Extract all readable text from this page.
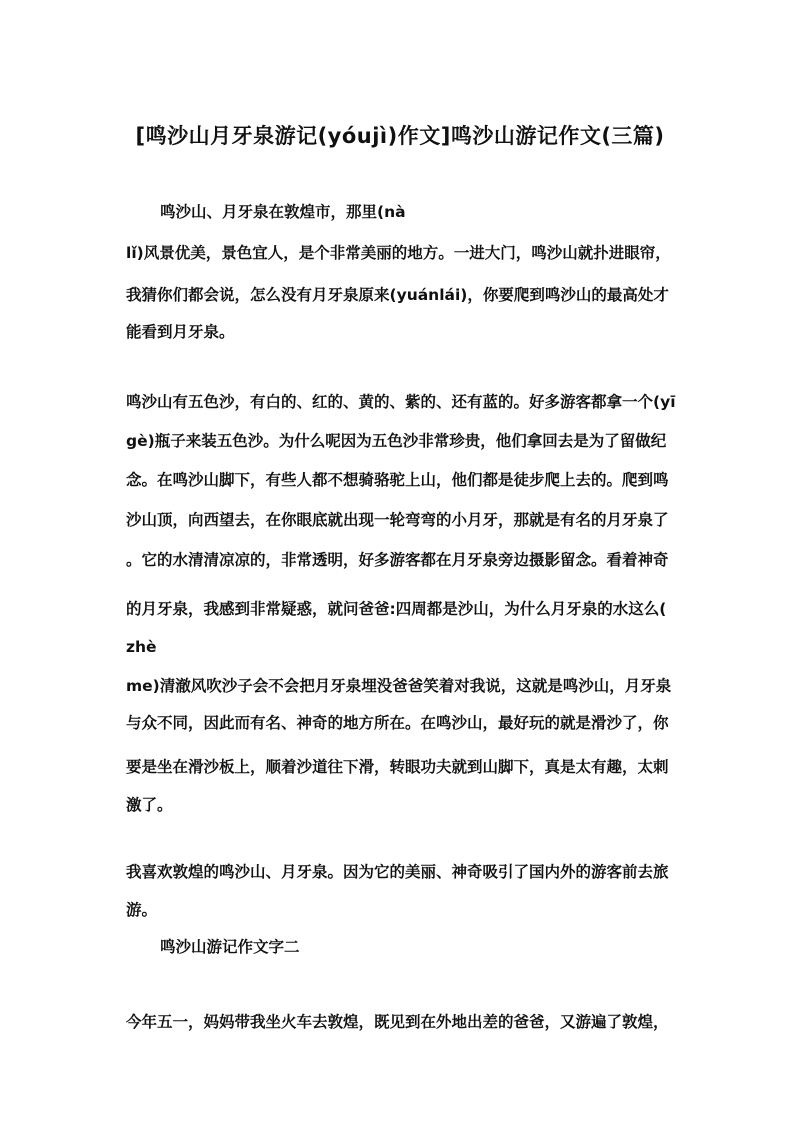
[鸣沙山月牙泉游记(yóujì)作文]鸣沙山游记作文(三篇)
鸣沙山、月牙泉在敦煌市，那里(nà
lǐ)风景优美，景色宜人，是个非常美丽的地方。一进大门，鸣沙山就扑进眼帘，
我猜你们都会说，怎么没有月牙泉原来(yuánlái)，你要爬到鸣沙山的最高处才
能看到月牙泉。
鸣沙山有五色沙，有白的、红的、黄的、紫的、还有蓝的。好多游客都拿一个(yī
gè)瓶子来装五色沙。为什么呢因为五色沙非常珍贵，他们拿回去是为了留做纪
念。在鸣沙山脚下，有些人都不想骑骆驼上山，他们都是徒步爬上去的。爬到鸣
沙山顶，向西望去，在你眼底就出现一轮弯弯的小月牙，那就是有名的月牙泉了
。它的水清清凉凉的，非常透明，好多游客都在月牙泉旁边摄影留念。看着神奇
的月牙泉，我感到非常疑惑，就问爸爸:四周都是沙山，为什么月牙泉的水这么(
zhè
me)清澈风吹沙子会不会把月牙泉埋没爸爸笑着对我说，这就是鸣沙山，月牙泉
与众不同，因此而有名、神奇的地方所在。在鸣沙山，最好玩的就是滑沙了，你
要是坐在滑沙板上，顺着沙道往下滑，转眼功夫就到山脚下，真是太有趣，太刺
激了。
我喜欢敦煌的鸣沙山、月牙泉。因为它的美丽、神奇吸引了国内外的游客前去旅
游。
鸣沙山游记作文字二
今年五一，妈妈带我坐火车去敦煌，既见到在外地出差的爸爸，又游遍了敦煌，
